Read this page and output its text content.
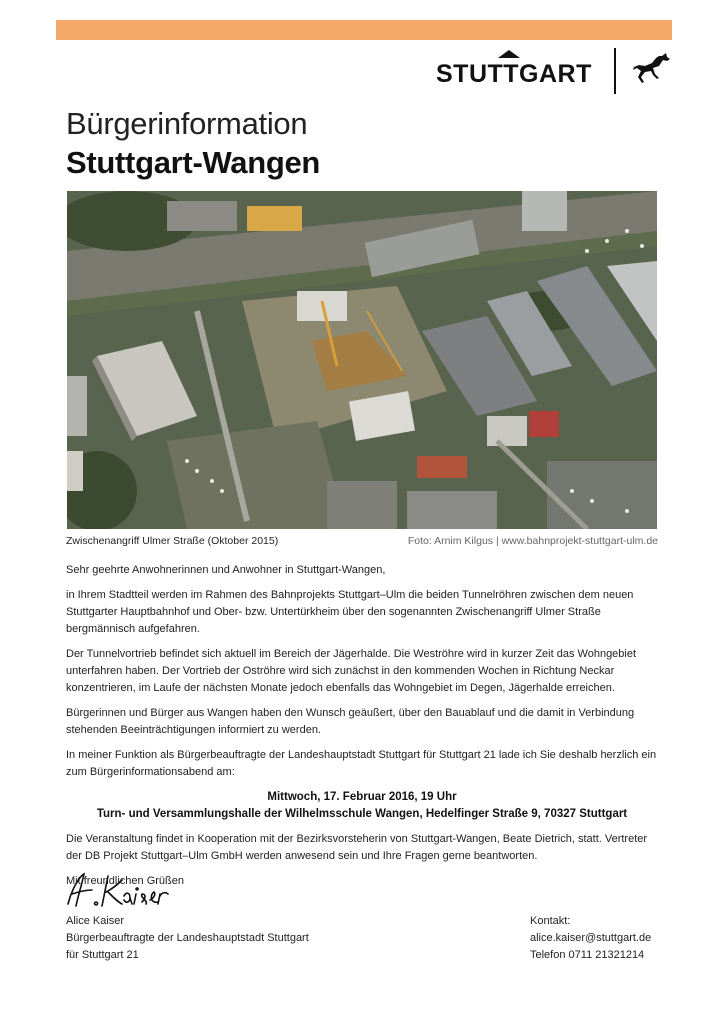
STUTTGART
Bürgerinformation
Stuttgart-Wangen
Zwischenangriff Ulmer Straße (Oktober 2015)	Foto: Arnim Kilgus | www.bahnprojekt-stuttgart-ulm.de

Sehr geehrte Anwohnerinnen und Anwohner in Stuttgart-Wangen,

in Ihrem Stadtteil werden im Rahmen des Bahnprojekts Stuttgart–Ulm die beiden Tunnelröhren zwischen dem neuen Stuttgarter Hauptbahnhof und Ober- bzw. Untertürkheim über den sogenannten Zwischenangriff Ulmer Straße bergmännisch aufgefahren.

Der Tunnelvortrieb befindet sich aktuell im Bereich der Jägerhalde. Die Weströhre wird in kurzer Zeit das Wohngebiet unterfahren haben. Der Vortrieb der Oströhre wird sich zunächst in den kommenden Wochen in Richtung Neckar konzentrieren, im Laufe der nächsten Monate jedoch ebenfalls das Wohngebiet im Degen, Jägerhalde erreichen.

Bürgerinnen und Bürger aus Wangen haben den Wunsch geäußert, über den Bauablauf und die damit in Verbindung stehenden Beeinträchtigungen informiert zu werden.

In meiner Funktion als Bürgerbeauftragte der Landeshauptstadt Stuttgart für Stuttgart 21 lade ich Sie deshalb herzlich ein zum Bürgerinformationsabend am:

Mittwoch, 17. Februar 2016, 19 Uhr
Turn- und Versammlungshalle der Wilhelmsschule Wangen, Hedelfinger Straße 9, 70327 Stuttgart

Die Veranstaltung findet in Kooperation mit der Bezirksvorsteherin von Stuttgart-Wangen, Beate Dietrich, statt. Vertreter der DB Projekt Stuttgart–Ulm GmbH werden anwesend sein und Ihre Fragen gerne beantworten.

Mit freundlichen Grüßen

Alice Kaiser
Bürgerbeauftragte der Landeshauptstadt Stuttgart
für Stuttgart 21
Kontakt:
alice.kaiser@stuttgart.de
Telefon 0711 21321214
